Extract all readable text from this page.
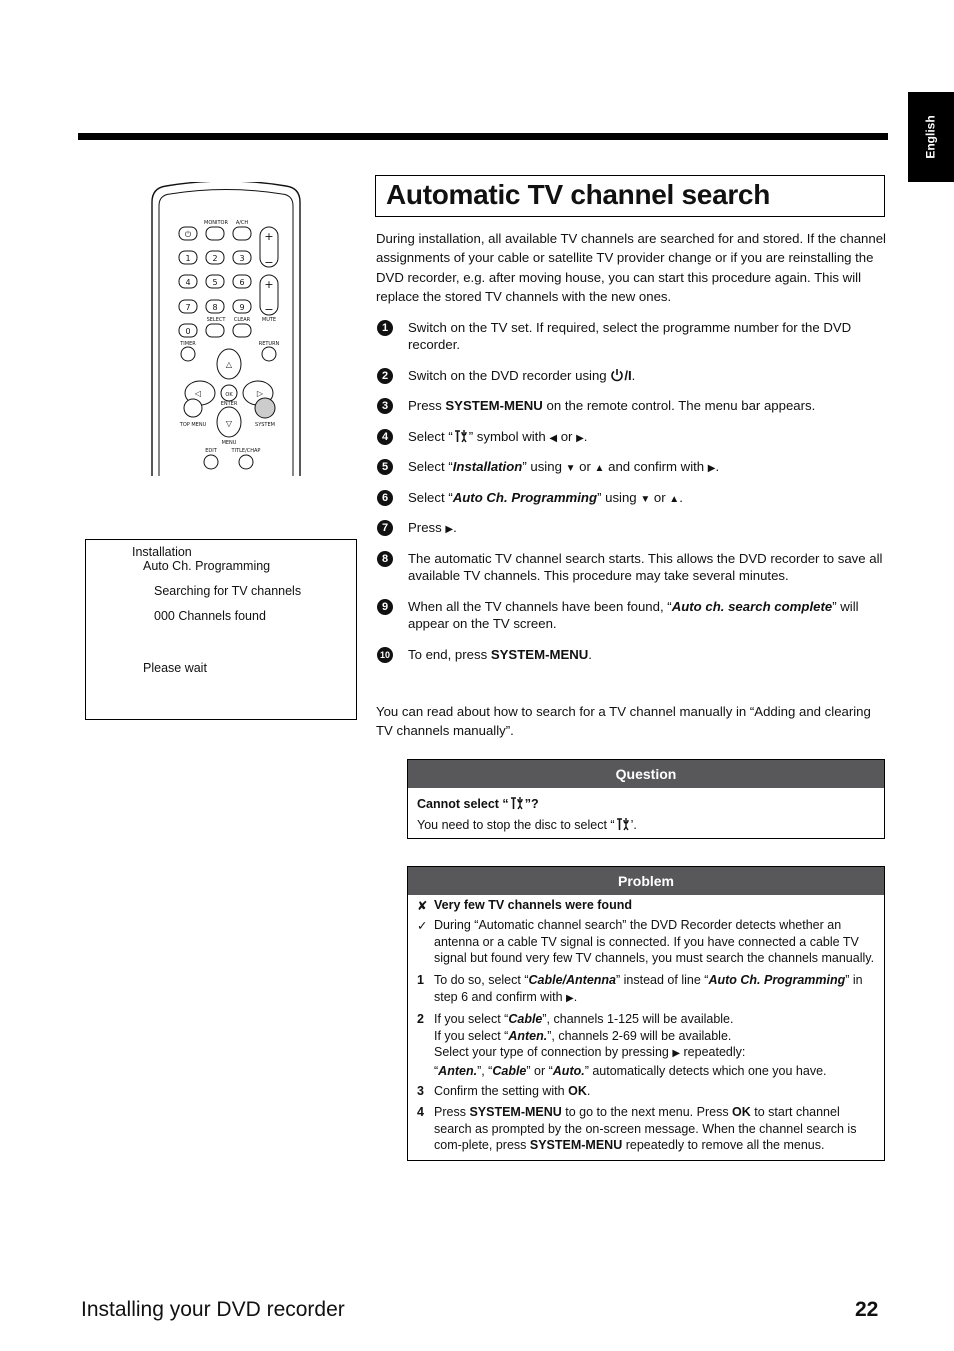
English
MONITOR A/CH
SELECT CLEAR MUTE
TIMER	RETURN
ENTER
TOP MENU	SYSTEM
MENU
EDIT	TITLE/CHAP
⏻
1	2	3
4	5	6
7	8	9
0
+
−
+
−
△
▽
◁	▷
OK
Installation
Auto Ch. Programming
Searching for TV channels
000 Channels found
Please wait
Automatic TV channel search

During installation, all available TV channels are searched for and stored. If the channel assignments of your cable or satellite TV provider change or if you are reinstalling the DVD recorder, e.g. after moving house, you can start this procedure again. This will replace the stored TV channels with the new ones.

1	Switch on the TV set. If required, select the programme number for the DVD recorder.
2	Switch on the DVD recorder using /I.
3	Press SYSTEM-MENU on the remote control. The menu bar appears.
4	Select “ ” symbol with ◀ or ▶.
5	Select “Installation” using ▼ or ▲ and confirm with ▶.
6	Select “Auto Ch. Programming” using ▼ or ▲.
7	Press ▶.
8	The automatic TV channel search starts. This allows the DVD recorder to save all available TV channels. This procedure may take several minutes.
9	When all the TV channels have been found, “Auto ch. search complete” will appear on the TV screen.
10 To end, press SYSTEM-MENU.

You can read about how to search for a TV channel manually in “Adding and clearing TV channels manually”.

Question
Cannot select “ ”?
You need to stop the disc to select “ ’.
Problem
✘ Very few TV channels were found
✓ During “Automatic channel search” the DVD Recorder detects whether an antenna or a cable TV signal is connected. If you have connected a cable TV signal but found very few TV channels, you must search the channels manually.
1 To do so, select “Cable/Antenna” instead of line “Auto Ch. Programming” in step 6 and confirm with ▶.
2 If you select “Cable”, channels 1-125 will be available.
If you select “Anten.”, channels 2-69 will be available.
Select your type of connection by pressing ▶ repeatedly:
“Anten.”, “Cable” or “Auto.” automatically detects which one you have.
3 Confirm the setting with OK.
4 Press SYSTEM-MENU to go to the next menu. Press OK to start channel search as prompted by the on-screen message. When the channel search is com-plete, press SYSTEM-MENU repeatedly to remove all the menus.
Installing your DVD recorder	22
